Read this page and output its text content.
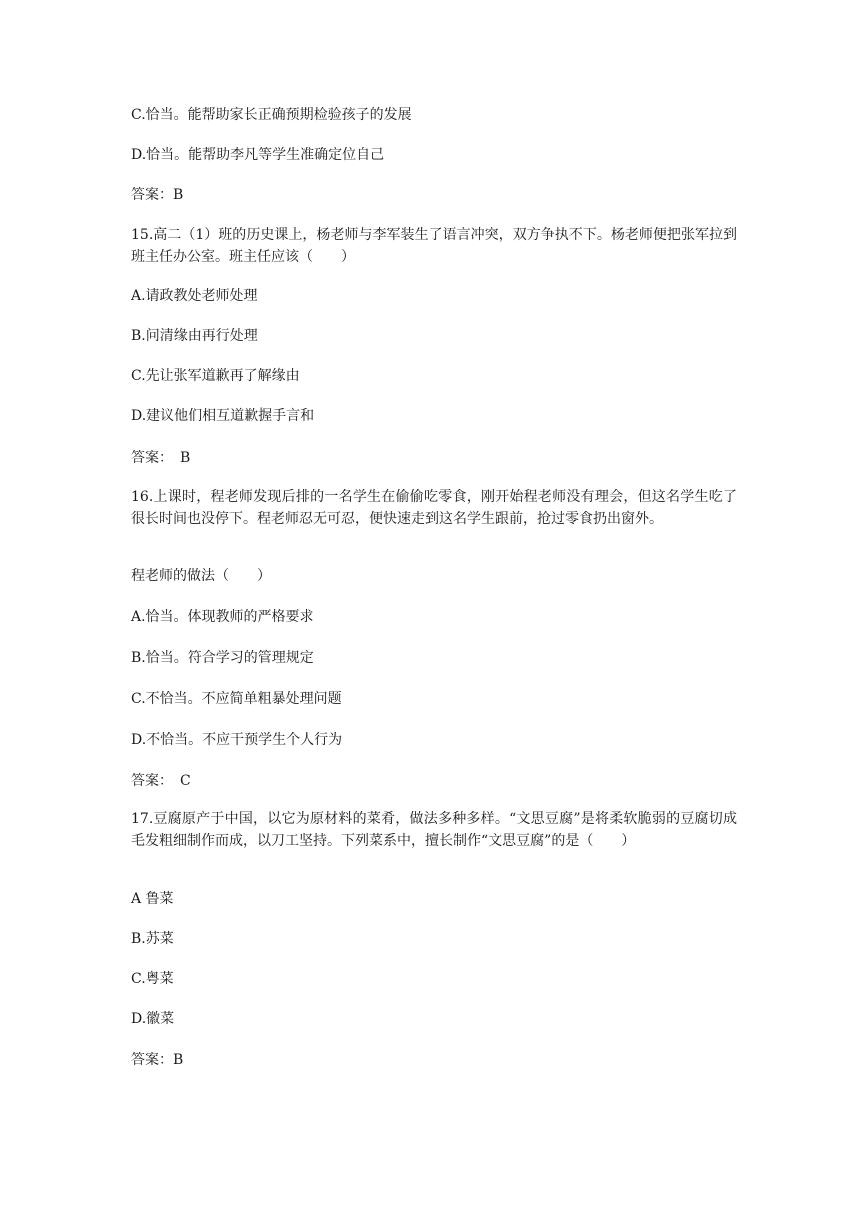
C.恰当。能帮助家长正确预期检验孩子的发展
D.恰当。能帮助李凡等学生准确定位自己
答案：B
15.高二（1）班的历史课上，杨老师与李军装生了语言冲突，双方争执不下。杨老师便把张军拉到班主任办公室。班主任应该（　　）
A.请政教处老师处理
B.问清缘由再行处理
C.先让张军道歉再了解缘由
D.建议他们相互道歉握手言和
答案：　B
16.上课时，程老师发现后排的一名学生在偷偷吃零食，刚开始程老师没有理会，但这名学生吃了很长时间也没停下。程老师忍无可忍，便快速走到这名学生跟前，抢过零食扔出窗外。
程老师的做法（　　）
A.恰当。体现教师的严格要求
B.恰当。符合学习的管理规定
C.不恰当。不应简单粗暴处理问题
D.不恰当。不应干预学生个人行为
答案：　C
17.豆腐原产于中国，以它为原材料的菜肴，做法多种多样。“文思豆腐”是将柔软脆弱的豆腐切成毛发粗细制作而成，以刀工坚持。下列菜系中，擅长制作“文思豆腐”的是（　　）
A 鲁菜
B.苏菜
C.粤菜
D.徽菜
答案：B
